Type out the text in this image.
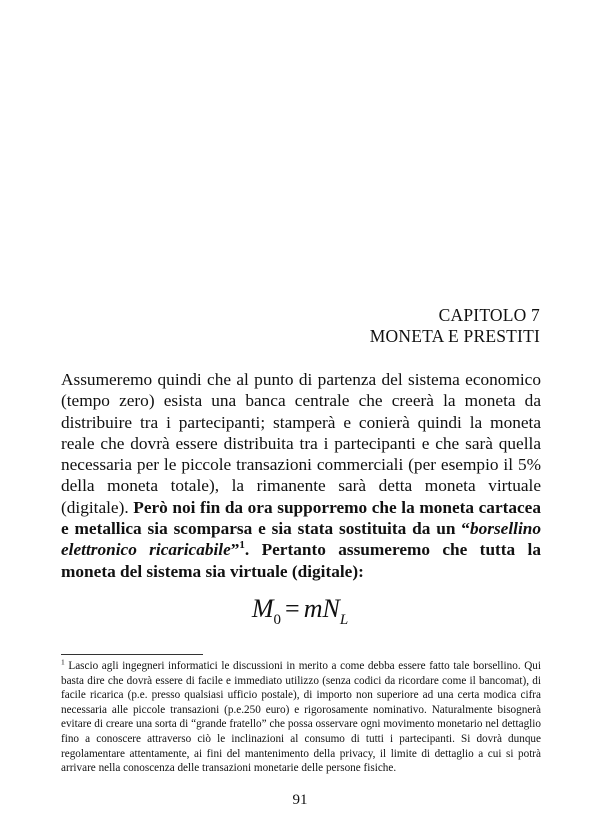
CAPITOLO 7
MONETA E PRESTITI
Assumeremo quindi che al punto di partenza del sistema economico (tempo zero) esista una banca centrale che creerà la moneta da distribuire tra i partecipanti; stamperà e conierà quindi la moneta reale che dovrà essere distribuita tra i partecipanti e che sarà quella necessaria per le piccole transazioni commerciali (per esempio il 5% della moneta totale), la rimanente sarà detta moneta virtuale (digitale). Però noi fin da ora supporremo che la moneta cartacea e metallica sia scomparsa e sia stata sostituita da un “borsellino elettronico ricaricabile”$^1$. Pertanto assumeremo che tutta la moneta del sistema sia virtuale (digitale):
$M_0 = mN_L$
$^1$ Lascio agli ingegneri informatici le discussioni in merito a come debba essere fatto tale borsellino. Qui basta dire che dovrà essere di facile e immediato utilizzo (senza codici da ricordare come il bancomat), di facile ricarica (p.e. presso qualsiasi ufficio postale), di importo non superiore ad una certa modica cifra necessaria alle piccole transazioni (p.e.250 euro) e rigorosamente nominativo. Naturalmente bisognerà evitare di creare una sorta di “grande fratello” che possa osservare ogni movimento monetario nel dettaglio fino a conoscere attraverso ciò le inclinazioni al consumo di tutti i partecipanti. Si dovrà dunque regolamentare attentamente, ai fini del mantenimento della privacy, il limite di dettaglio a cui si potrà arrivare nella conoscenza delle transazioni monetarie delle persone fisiche.
91
